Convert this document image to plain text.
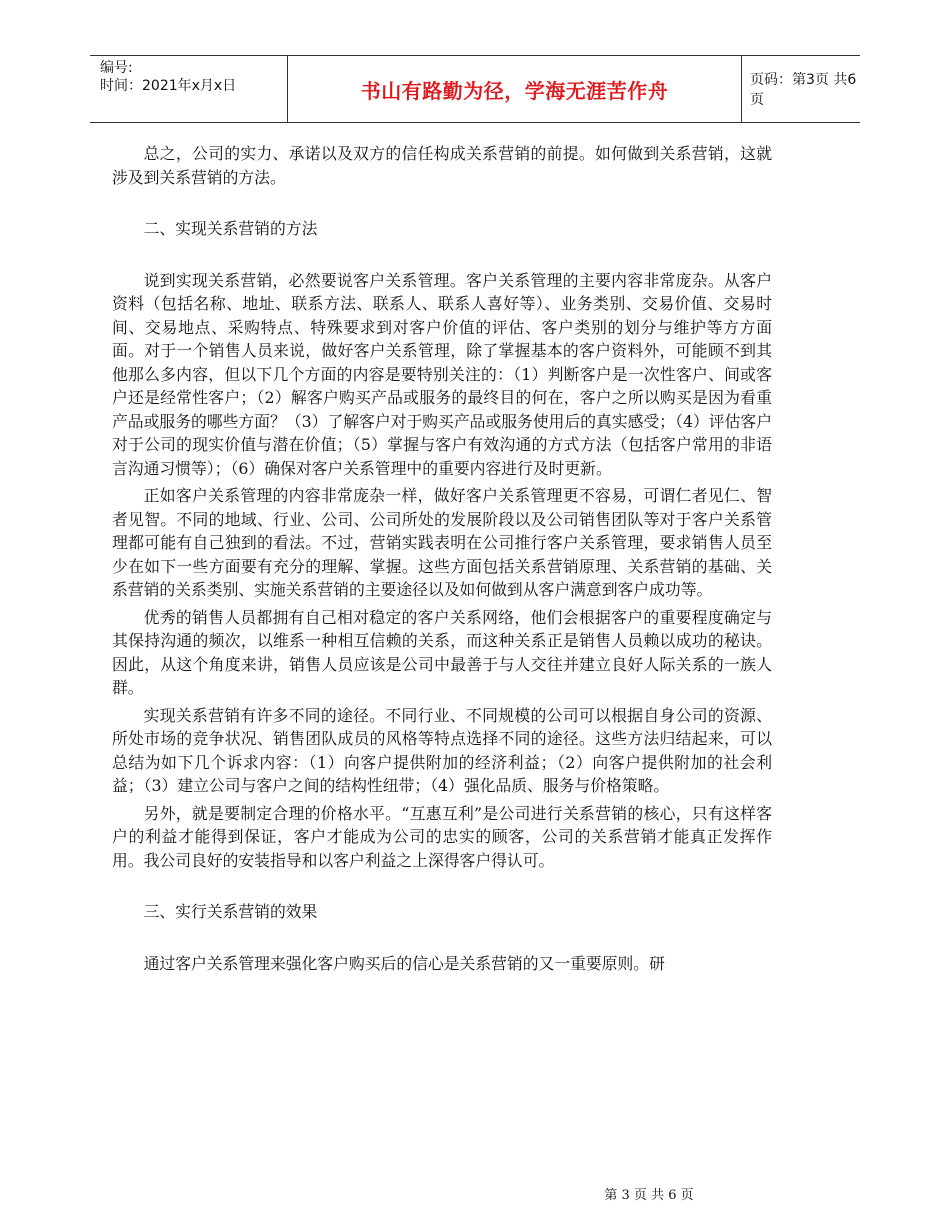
编号:
时间：2021年x月x日	书山有路勤为径，学海无涯苦作舟	页码：第3页 共6页

总之，公司的实力、承诺以及双方的信任构成关系营销的前提。如何做到关系营销，这就涉及到关系营销的方法。

二、实现关系营销的方法

说到实现关系营销，必然要说客户关系管理。客户关系管理的主要内容非常庞杂。从客户资料（包括名称、地址、联系方法、联系人、联系人喜好等）、业务类别、交易价值、交易时间、交易地点、采购特点、特殊要求到对客户价值的评估、客户类别的划分与维护等方方面面。对于一个销售人员来说，做好客户关系管理，除了掌握基本的客户资料外，可能顾不到其他那么多内容，但以下几个方面的内容是要特别关注的：（1）判断客户是一次性客户、间或客户还是经常性客户；（2）解客户购买产品或服务的最终目的何在，客户之所以购买是因为看重产品或服务的哪些方面？（3）了解客户对于购买产品或服务使用后的真实感受；（4）评估客户对于公司的现实价值与潜在价值；（5）掌握与客户有效沟通的方式方法（包括客户常用的非语言沟通习惯等）；（6）确保对客户关系管理中的重要内容进行及时更新。

正如客户关系管理的内容非常庞杂一样，做好客户关系管理更不容易，可谓仁者见仁、智者见智。不同的地域、行业、公司、公司所处的发展阶段以及公司销售团队等对于客户关系管理都可能有自己独到的看法。不过，营销实践表明在公司推行客户关系管理，要求销售人员至少在如下一些方面要有充分的理解、掌握。这些方面包括关系营销原理、关系营销的基础、关系营销的关系类别、实施关系营销的主要途径以及如何做到从客户满意到客户成功等。

优秀的销售人员都拥有自己相对稳定的客户关系网络，他们会根据客户的重要程度确定与其保持沟通的频次，以维系一种相互信赖的关系，而这种关系正是销售人员赖以成功的秘诀。因此，从这个角度来讲，销售人员应该是公司中最善于与人交往并建立良好人际关系的一族人群。

实现关系营销有许多不同的途径。不同行业、不同规模的公司可以根据自身公司的资源、所处市场的竞争状况、销售团队成员的风格等特点选择不同的途径。这些方法归结起来，可以总结为如下几个诉求内容：（1）向客户提供附加的经济利益；（2）向客户提供附加的社会利益；（3）建立公司与客户之间的结构性纽带；（4）强化品质、服务与价格策略。

另外，就是要制定合理的价格水平。“互惠互利”是公司进行关系营销的核心，只有这样客户的利益才能得到保证，客户才能成为公司的忠实的顾客，公司的关系营销才能真正发挥作用。我公司良好的安装指导和以客户利益之上深得客户得认可。

三、实行关系营销的效果

通过客户关系管理来强化客户购买后的信心是关系营销的又一重要原则。研

第 3 页 共 6 页
